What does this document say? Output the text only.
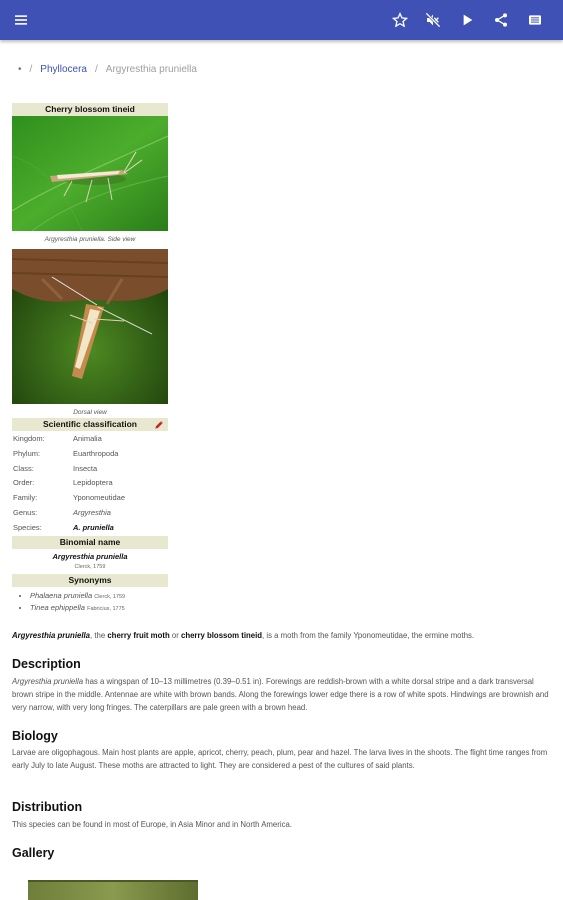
• / Phyllocera / Argyresthia pruniella
Cherry blossom tineid
Argyresthia pruniella. Side view
Dorsal view
Scientific classification
Kingdom:	Animalia
Phylum:	Euarthropoda
Class:	Insecta
Order:	Lepidoptera
Family:	Yponomeutidae
Genus:	Argyresthia
Species:	A. pruniella
Binomial name
Argyresthia pruniella
Clerck, 1759
Synonyms
• Phalaena pruniella Clerck, 1759
• Tinea ephippella Fabricius, 1775
Argyresthia pruniella, the cherry fruit moth or cherry blossom tineid, is a moth from the family Yponomeutidae, the ermine moths.
Description
Argyresthia pruniella has a wingspan of 10–13 millimetres (0.39–0.51 in). Forewings are reddish-brown with a white dorsal stripe and a dark transversal brown stripe in the middle. Antennae are white with brown bands. Along the forewings lower edge there is a row of white spots. Hindwings are brownish and very narrow, with very long fringes. The caterpillars are pale green with a brown head.
Biology
Larvae are oligophagous. Main host plants are apple, apricot, cherry, peach, plum, pear and hazel. The larva lives in the shoots. The flight time ranges from early July to late August. These moths are attracted to light. They are considered a pest of the cultures of said plants.
Distribution
This species can be found in most of Europe, in Asia Minor and in North America.
Gallery
